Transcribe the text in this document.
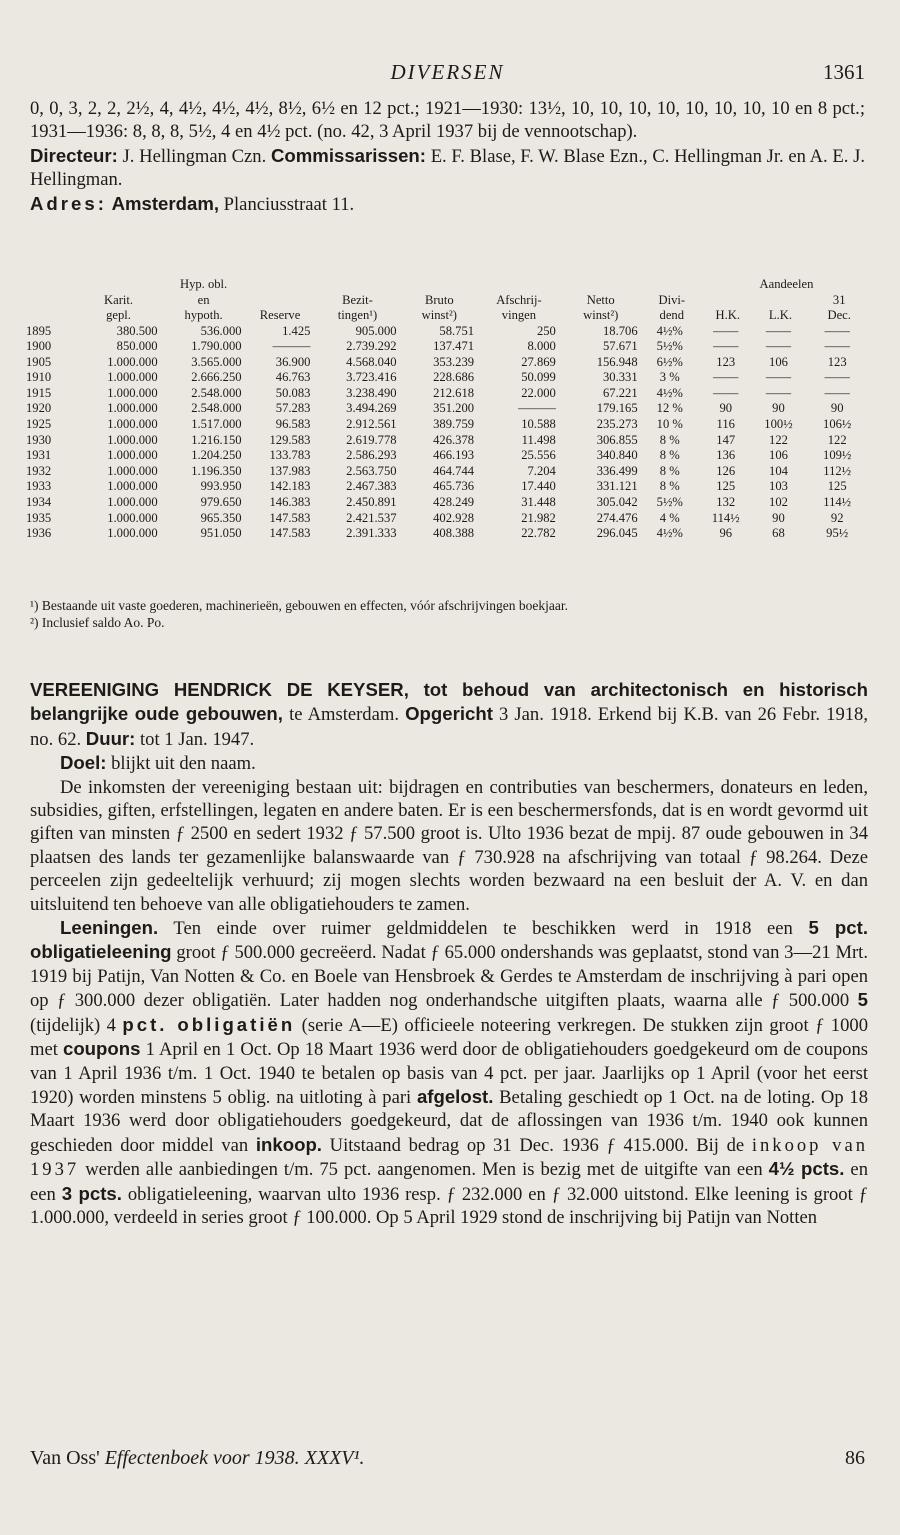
DIVERSEN	1361

0, 0, 3, 2, 2, 2½, 4, 4½, 4½, 4½, 8½, 6½ en 12 pct.; 1921—1930: 13½, 10, 10, 10, 10, 10, 10, 10, 10 en 8 pct.; 1931—1936: 8, 8, 8, 5½, 4 en 4½ pct. (no. 42, 3 April 1937 bij de vennootschap).

Directeur: J. Hellingman Czn. Commissarissen: E. F. Blase, F. W. Blase Ezn., C. Hellingman Jr. en A. E. J. Hellingman.

Adres: Amsterdam, Planciusstraat 11.

		Hyp. obl.							Aandeelen		
	Karit.	en		Bezit-	Bruto	Afschrij-	Netto	Divi-			31
	gepl.	hypoth.	Reserve	tingen¹)	winst²)	vingen	winst²)	dend	H.K.	L.K.	Dec.
1895	380.500	536.000	1.425	905.000	58.751	250	18.706	4½%	——	——	——
1900	850.000	1.790.000	———	2.739.292	137.471	8.000	57.671	5½%	——	——	——
1905	1.000.000	3.565.000	36.900	4.568.040	353.239	27.869	156.948	6½%	123	106	123
1910	1.000.000	2.666.250	46.763	3.723.416	228.686	50.099	30.331	3 %	——	——	——
1915	1.000.000	2.548.000	50.083	3.238.490	212.618	22.000	67.221	4½%	——	——	——
1920	1.000.000	2.548.000	57.283	3.494.269	351.200	———	179.165	12 %	90	90	90
1925	1.000.000	1.517.000	96.583	2.912.561	389.759	10.588	235.273	10 %	116	100½	106½
1930	1.000.000	1.216.150	129.583	2.619.778	426.378	11.498	306.855	8 %	147	122	122
1931	1.000.000	1.204.250	133.783	2.586.293	466.193	25.556	340.840	8 %	136	106	109½
1932	1.000.000	1.196.350	137.983	2.563.750	464.744	7.204	336.499	8 %	126	104	112½
1933	1.000.000	993.950	142.183	2.467.383	465.736	17.440	331.121	8 %	125	103	125
1934	1.000.000	979.650	146.383	2.450.891	428.249	31.448	305.042	5½%	132	102	114½
1935	1.000.000	965.350	147.583	2.421.537	402.928	21.982	274.476	4 %	114½	90	92
1936	1.000.000	951.050	147.583	2.391.333	408.388	22.782	296.045	4½%	96	68	95½

¹) Bestaande uit vaste goederen, machinerieën, gebouwen en effecten, vóór afschrijvingen boekjaar.

²) Inclusief saldo Ao. Po.

VEREENIGING HENDRICK DE KEYSER, tot behoud van architectonisch en historisch belangrijke oude gebouwen, te Amsterdam. Opgericht 3 Jan. 1918. Erkend bij K.B. van 26 Febr. 1918, no. 62. Duur: tot 1 Jan. 1947.

Doel: blijkt uit den naam.

De inkomsten der vereeniging bestaan uit: bijdragen en contributies van beschermers, donateurs en leden, subsidies, giften, erfstellingen, legaten en andere baten. Er is een beschermersfonds, dat is en wordt gevormd uit giften van minsten ƒ 2500 en sedert 1932 ƒ 57.500 groot is. Ulto 1936 bezat de mpij. 87 oude gebouwen in 34 plaatsen des lands ter gezamenlijke balanswaarde van ƒ 730.928 na afschrijving van totaal ƒ 98.264. Deze perceelen zijn gedeeltelijk verhuurd; zij mogen slechts worden bezwaard na een besluit der A. V. en dan uitsluitend ten behoeve van alle obligatiehouders te zamen.

Leeningen. Ten einde over ruimer geldmiddelen te beschikken werd in 1918 een 5 pct. obligatieleening groot ƒ 500.000 gecreëerd. Nadat ƒ 65.000 ondershands was geplaatst, stond van 3—21 Mrt. 1919 bij Patijn, Van Notten & Co. en Boele van Hensbroek & Gerdes te Amsterdam de inschrijving à pari open op ƒ 300.000 dezer obligatiën. Later hadden nog onderhandsche uitgiften plaats, waarna alle ƒ 500.000 5 (tijdelijk) 4 pct. obligatiën (serie A—E) officieele noteering verkregen. De stukken zijn groot ƒ 1000 met coupons 1 April en 1 Oct. Op 18 Maart 1936 werd door de obligatiehouders goedgekeurd om de coupons van 1 April 1936 t/m. 1 Oct. 1940 te betalen op basis van 4 pct. per jaar. Jaarlijks op 1 April (voor het eerst 1920) worden minstens 5 oblig. na uitloting à pari afgelost. Betaling geschiedt op 1 Oct. na de loting. Op 18 Maart 1936 werd door obligatiehouders goedgekeurd, dat de aflossingen van 1936 t/m. 1940 ook kunnen geschieden door middel van inkoop. Uitstaand bedrag op 31 Dec. 1936 ƒ 415.000. Bij de inkoop van 1937 werden alle aanbiedingen t/m. 75 pct. aangenomen. Men is bezig met de uitgifte van een 4½ pcts. en een 3 pcts. obligatieleening, waarvan ulto 1936 resp. ƒ 232.000 en ƒ 32.000 uitstond. Elke leening is groot ƒ 1.000.000, verdeeld in series groot ƒ 100.000. Op 5 April 1929 stond de inschrijving bij Patijn van Notten

Van Oss' Effectenboek voor 1938. XXXV¹.	86
